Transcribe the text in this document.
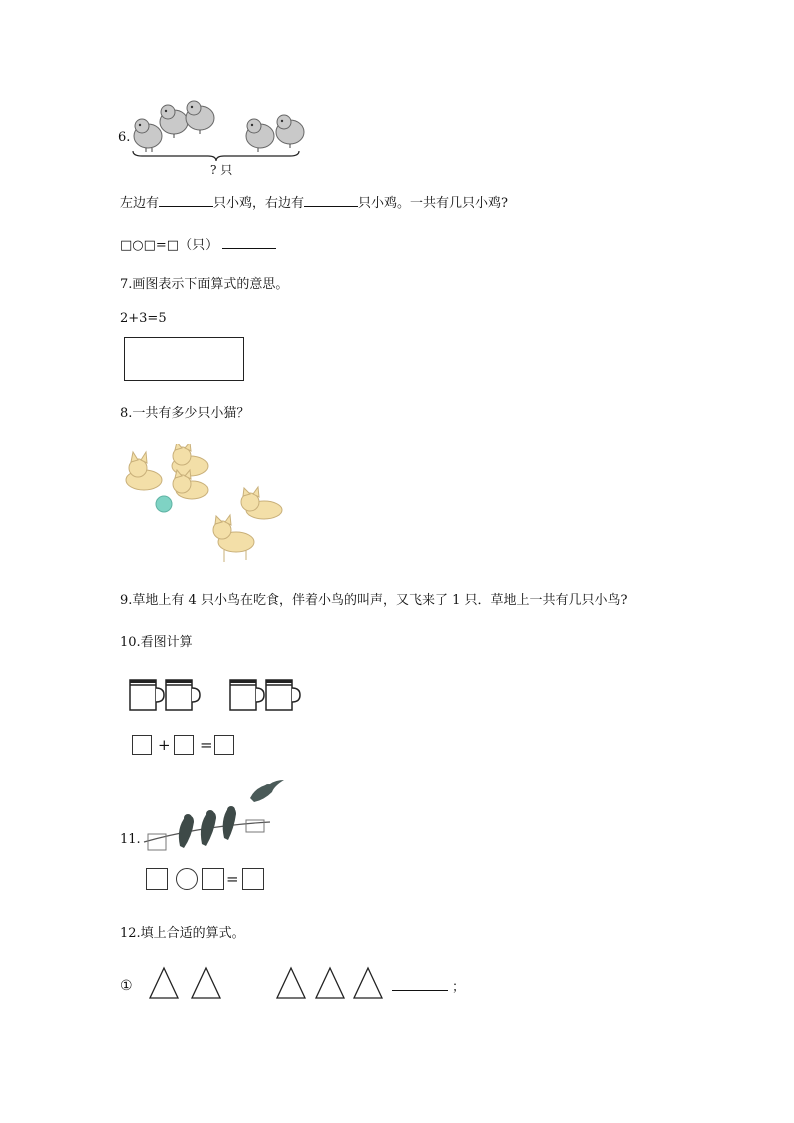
6.
? 只
左边有	只小鸡，右边有	只小鸡。一共有几只小鸡?
□○□=□（只）
7.画图表示下面算式的意思。
2+3=5
8.一共有多少只小猫？
9.草地上有 4 只小鸟在吃食，伴着小鸟的叫声，又飞来了 1 只．草地上一共有几只小鸟?
10.看图计算
+ =
11.
=
12.填上合适的算式。
①	；
